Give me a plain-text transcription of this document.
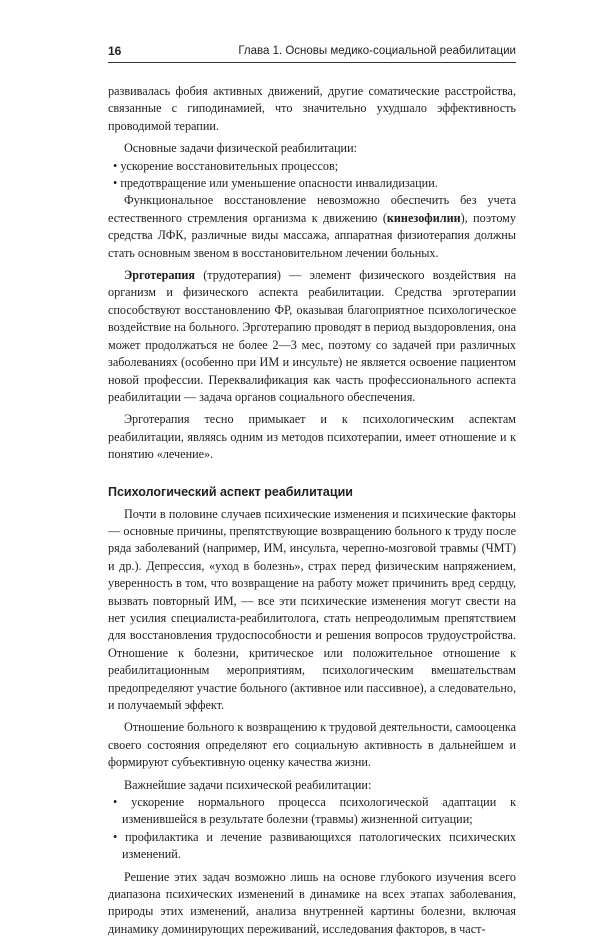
16	Глава 1. Основы медико-социальной реабилитации

развивалась фобия активных движений, другие соматические расстройства, связанные с гиподинамией, что значительно ухудшало эффективность проводимой терапии.

Основные задачи физической реабилитации:

• ускорение восстановительных процессов;

• предотвращение или уменьшение опасности инвалидизации.

Функциональное восстановление невозможно обеспечить без учета естественного стремления организма к движению (кинезофилии), поэтому средства ЛФК, различные виды массажа, аппаратная физиотерапия должны стать основным звеном в восстановительном лечении больных.

Эрготерапия (трудотерапия) — элемент физического воздействия на организм и физического аспекта реабилитации. Средства эрготерапии способствуют восстановлению ФР, оказывая благоприятное психологическое воздействие на больного. Эрготерапию проводят в период выздоровления, она может продолжаться не более 2—3 мес, поэтому со задачей при различных заболеваниях (особенно при ИМ и инсульте) не является освоение пациентом новой профессии. Переквалификация как часть профессионального аспекта реабилитации — задача органов социального обеспечения.

Эрготерапия тесно примыкает и к психологическим аспектам реабилитации, являясь одним из методов психотерапии, имеет отношение и к понятию «лечение».

Психологический аспект реабилитации

Почти в половине случаев психические изменения и психические факторы — основные причины, препятствующие возвращению больного к труду после ряда заболеваний (например, ИМ, инсульта, черепно-мозговой травмы (ЧМТ) и др.). Депрессия, «уход в болезнь», страх перед физическим напряжением, уверенность в том, что возвращение на работу может причинить вред сердцу, вызвать повторный ИМ, — все эти психические изменения могут свести на нет усилия специалиста-реабилитолога, стать непреодолимым препятствием для восстановления трудоспособности и решения вопросов трудоустройства. Отношение к болезни, критическое или положительное отношение к реабилитационным мероприятиям, психологическим вмешательствам предопределяют участие больного (активное или пассивное), а следовательно, и получаемый эффект.

Отношение больного к возвращению к трудовой деятельности, самооценка своего состояния определяют его социальную активность в дальнейшем и формируют субъективную оценку качества жизни.

Важнейшие задачи психической реабилитации:

• ускорение нормального процесса психологической адаптации к изменившейся в результате болезни (травмы) жизненной ситуации;

• профилактика и лечение развивающихся патологических психических изменений.

Решение этих задач возможно лишь на основе глубокого изучения всего диапазона психических изменений в динамике на всех этапах заболевания, природы этих изменений, анализа внутренней картины болезни, включая динамику доминирующих переживаний, исследования факторов, в част-
